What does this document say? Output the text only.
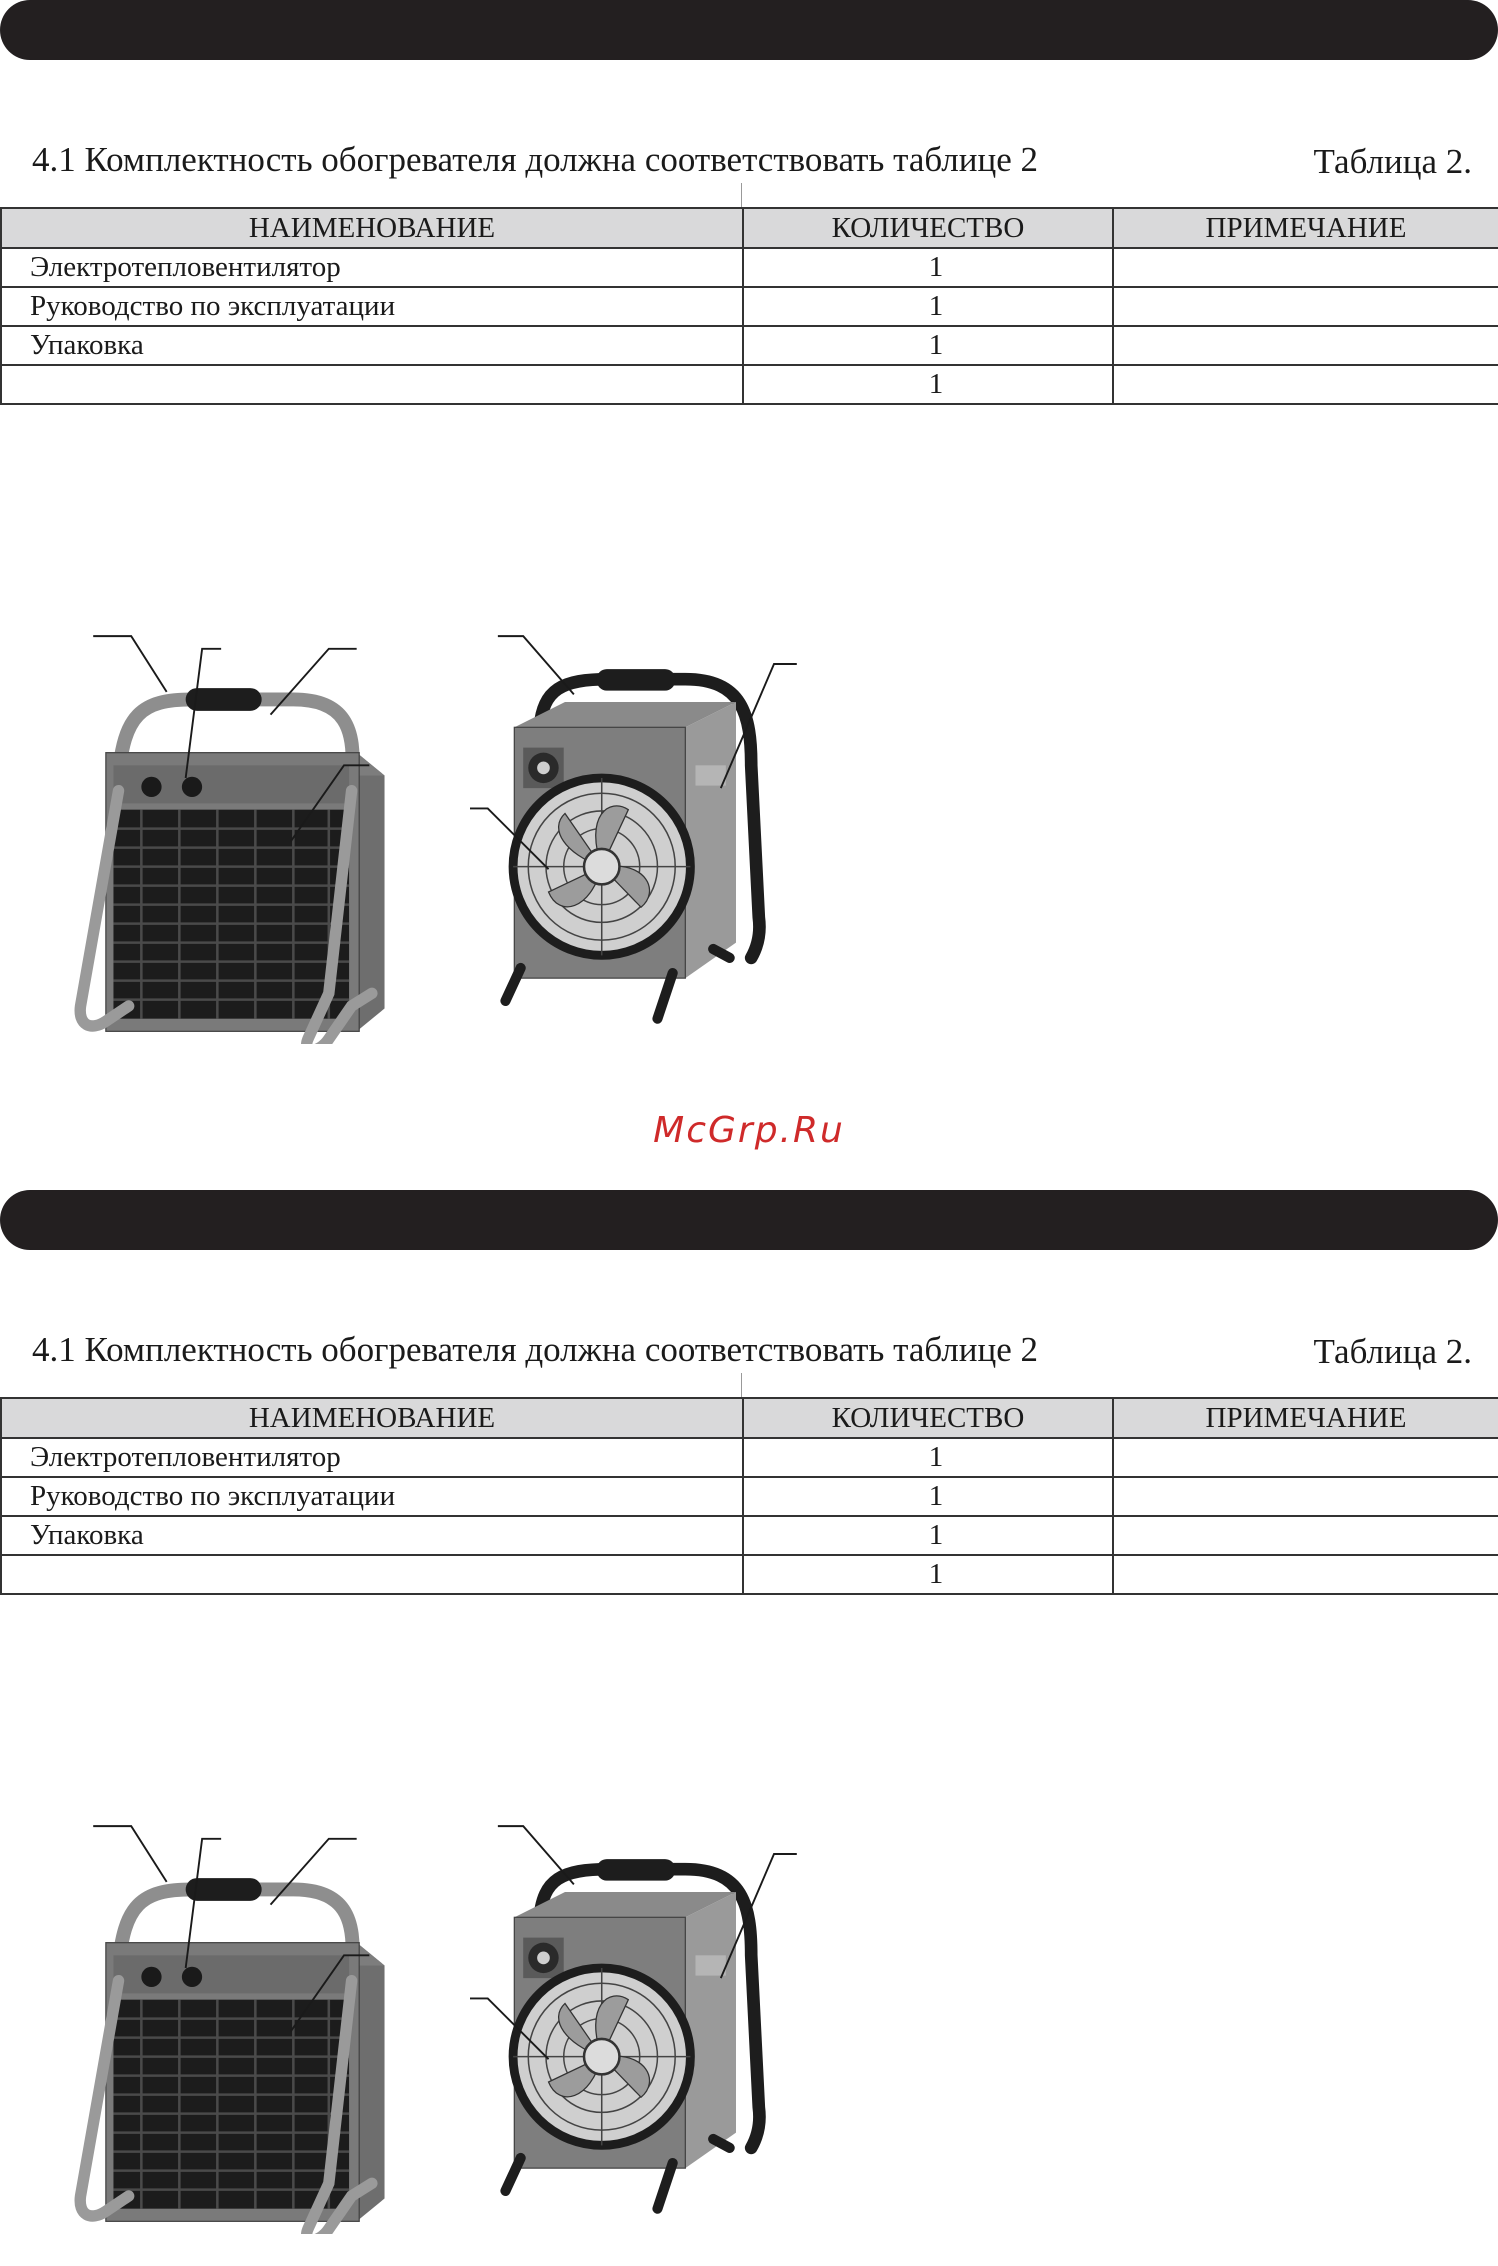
4.1 Комплектность обогревателя должна соответствовать таблице 2	Таблица 2.
НАИМЕНОВАНИЕ	КОЛИЧЕСТВО	ПРИМЕЧАНИЕ
Электротепловентилятор	1	
Руководство по эксплуатации	1	
Упаковка	1	
	1	
McGrp.Ru
4.1 Комплектность обогревателя должна соответствовать таблице 2	Таблица 2.
НАИМЕНОВАНИЕ	КОЛИЧЕСТВО	ПРИМЕЧАНИЕ
Электротепловентилятор	1	
Руководство по эксплуатации	1	
Упаковка	1	
	1	
